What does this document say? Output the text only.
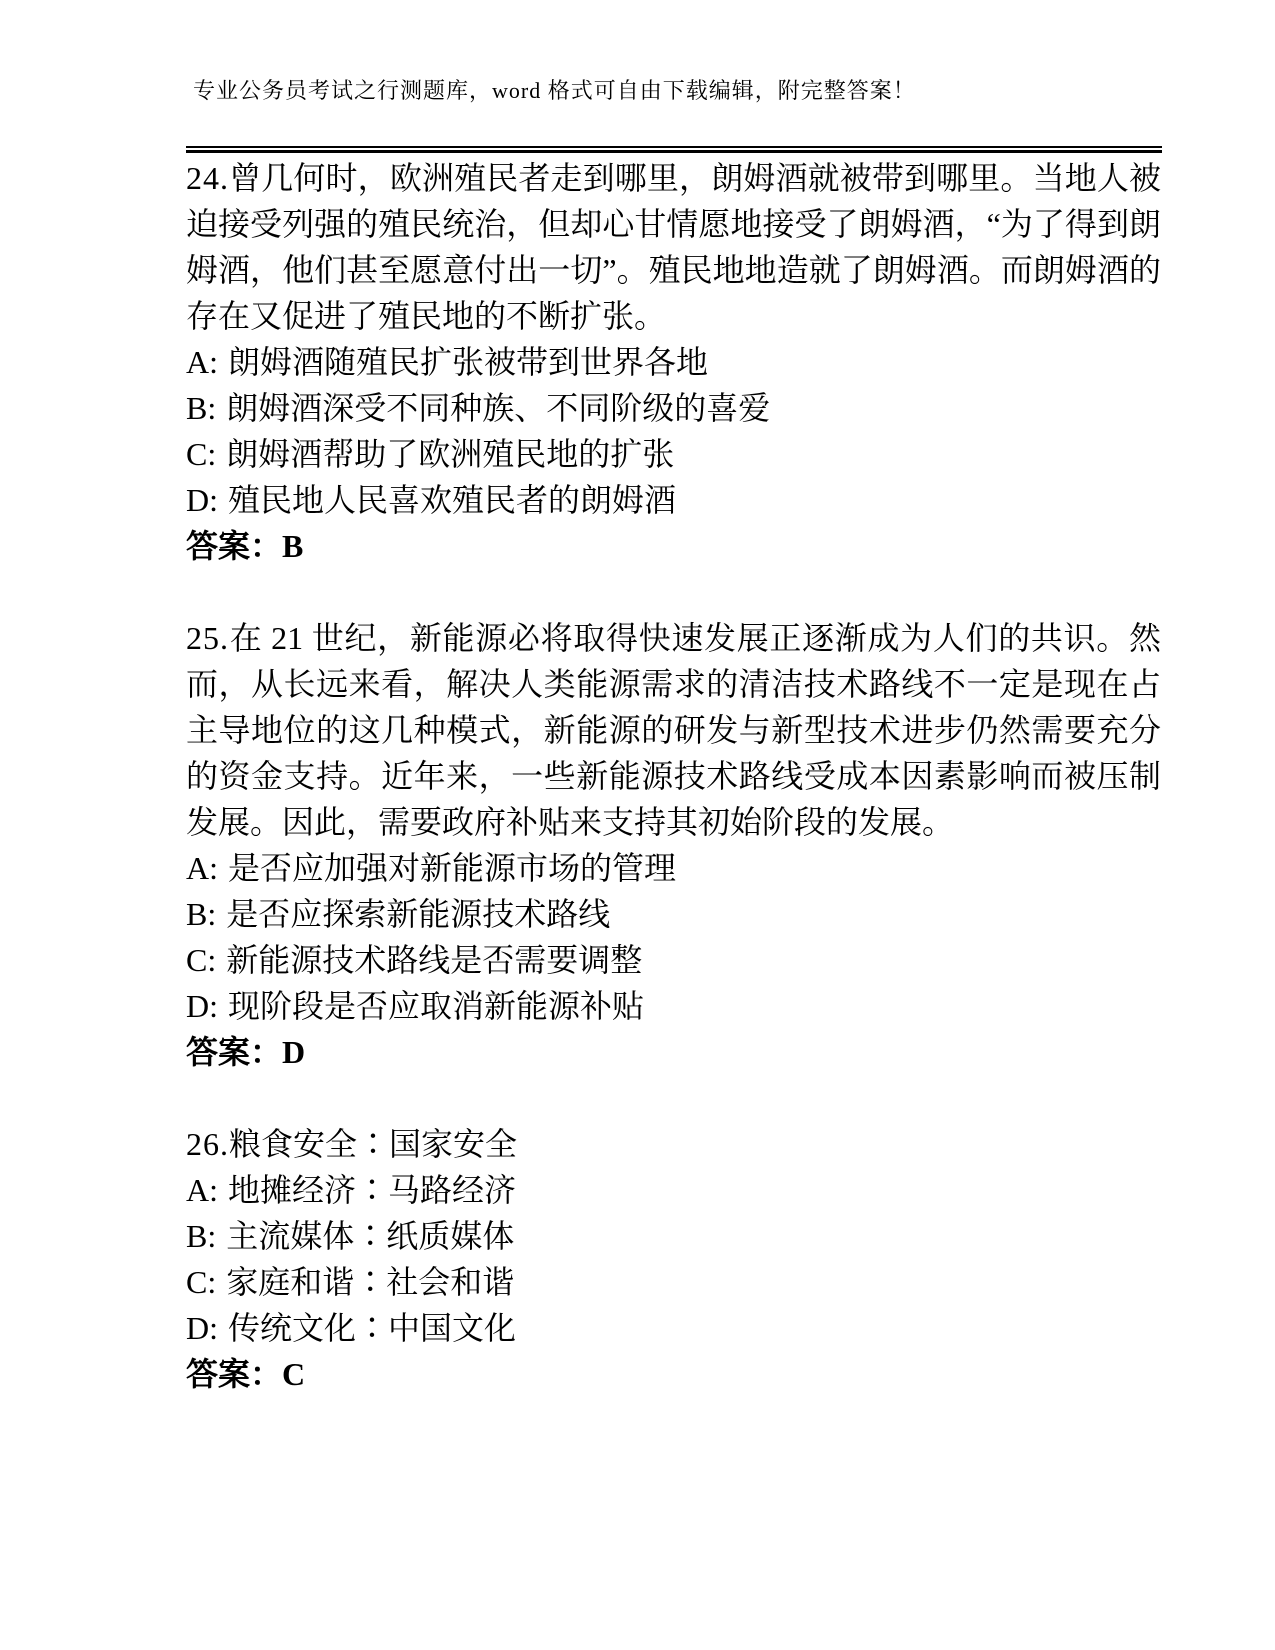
专业公务员考试之行测题库，word 格式可自由下载编辑，附完整答案！

24.曾几何时，欧洲殖民者走到哪里，朗姆酒就被带到哪里。当地人被迫接受列强的殖民统治，但却心甘情愿地接受了朗姆酒，“为了得到朗姆酒，他们甚至愿意付出一切”。殖民地地造就了朗姆酒。而朗姆酒的存在又促进了殖民地的不断扩张。

A: 朗姆酒随殖民扩张被带到世界各地
B: 朗姆酒深受不同种族、不同阶级的喜爱
C: 朗姆酒帮助了欧洲殖民地的扩张
D: 殖民地人民喜欢殖民者的朗姆酒
答案：B

25.在 21 世纪，新能源必将取得快速发展正逐渐成为人们的共识。然而，从长远来看，解决人类能源需求的清洁技术路线不一定是现在占主导地位的这几种模式，新能源的研发与新型技术进步仍然需要充分的资金支持。近年来，一些新能源技术路线受成本因素影响而被压制发展。因此，需要政府补贴来支持其初始阶段的发展。

A: 是否应加强对新能源市场的管理
B: 是否应探索新能源技术路线
C: 新能源技术路线是否需要调整
D: 现阶段是否应取消新能源补贴
答案：D

26.粮食安全∶国家安全

A: 地摊经济∶马路经济
B: 主流媒体∶纸质媒体
C: 家庭和谐∶社会和谐
D: 传统文化∶中国文化
答案：C
